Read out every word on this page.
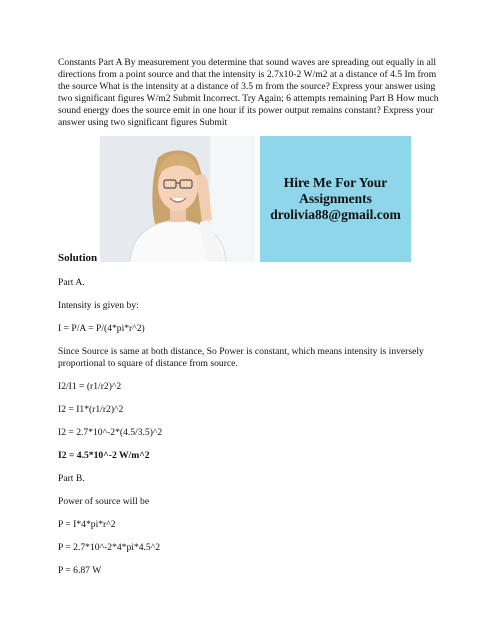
Constants Part A By measurement you determine that sound waves are spreading out equally in all directions from a point source and that the intensity is 2.7x10-2 W/m2 at a distance of 4.5 Im from the source What is the intensity at a distance of 3.5 m from the source? Express your answer using two significant figures W/m2 Submit Incorrect. Try Again; 6 attempts remaining Part B How much sound energy does the source emit in one hour if its power output remains constant? Express your answer using two significant figures Submit

Hire Me For Your
Assignments
drolivia88@gmail.com

Solution

Part A.

Intensity is given by:

I = P/A = P/(4*pi*r^2)

Since Source is same at both distance, So Power is constant, which means intensity is inversely proportional to square of distance from source.

I2/I1 = (r1/r2)^2

I2 = I1*(r1/r2)^2

I2 = 2.7*10^-2*(4.5/3.5)^2

I2 = 4.5*10^-2 W/m^2

Part B.

Power of source will be

P = I*4*pi*r^2

P = 2.7*10^-2*4*pi*4.5^2

P = 6.87 W
